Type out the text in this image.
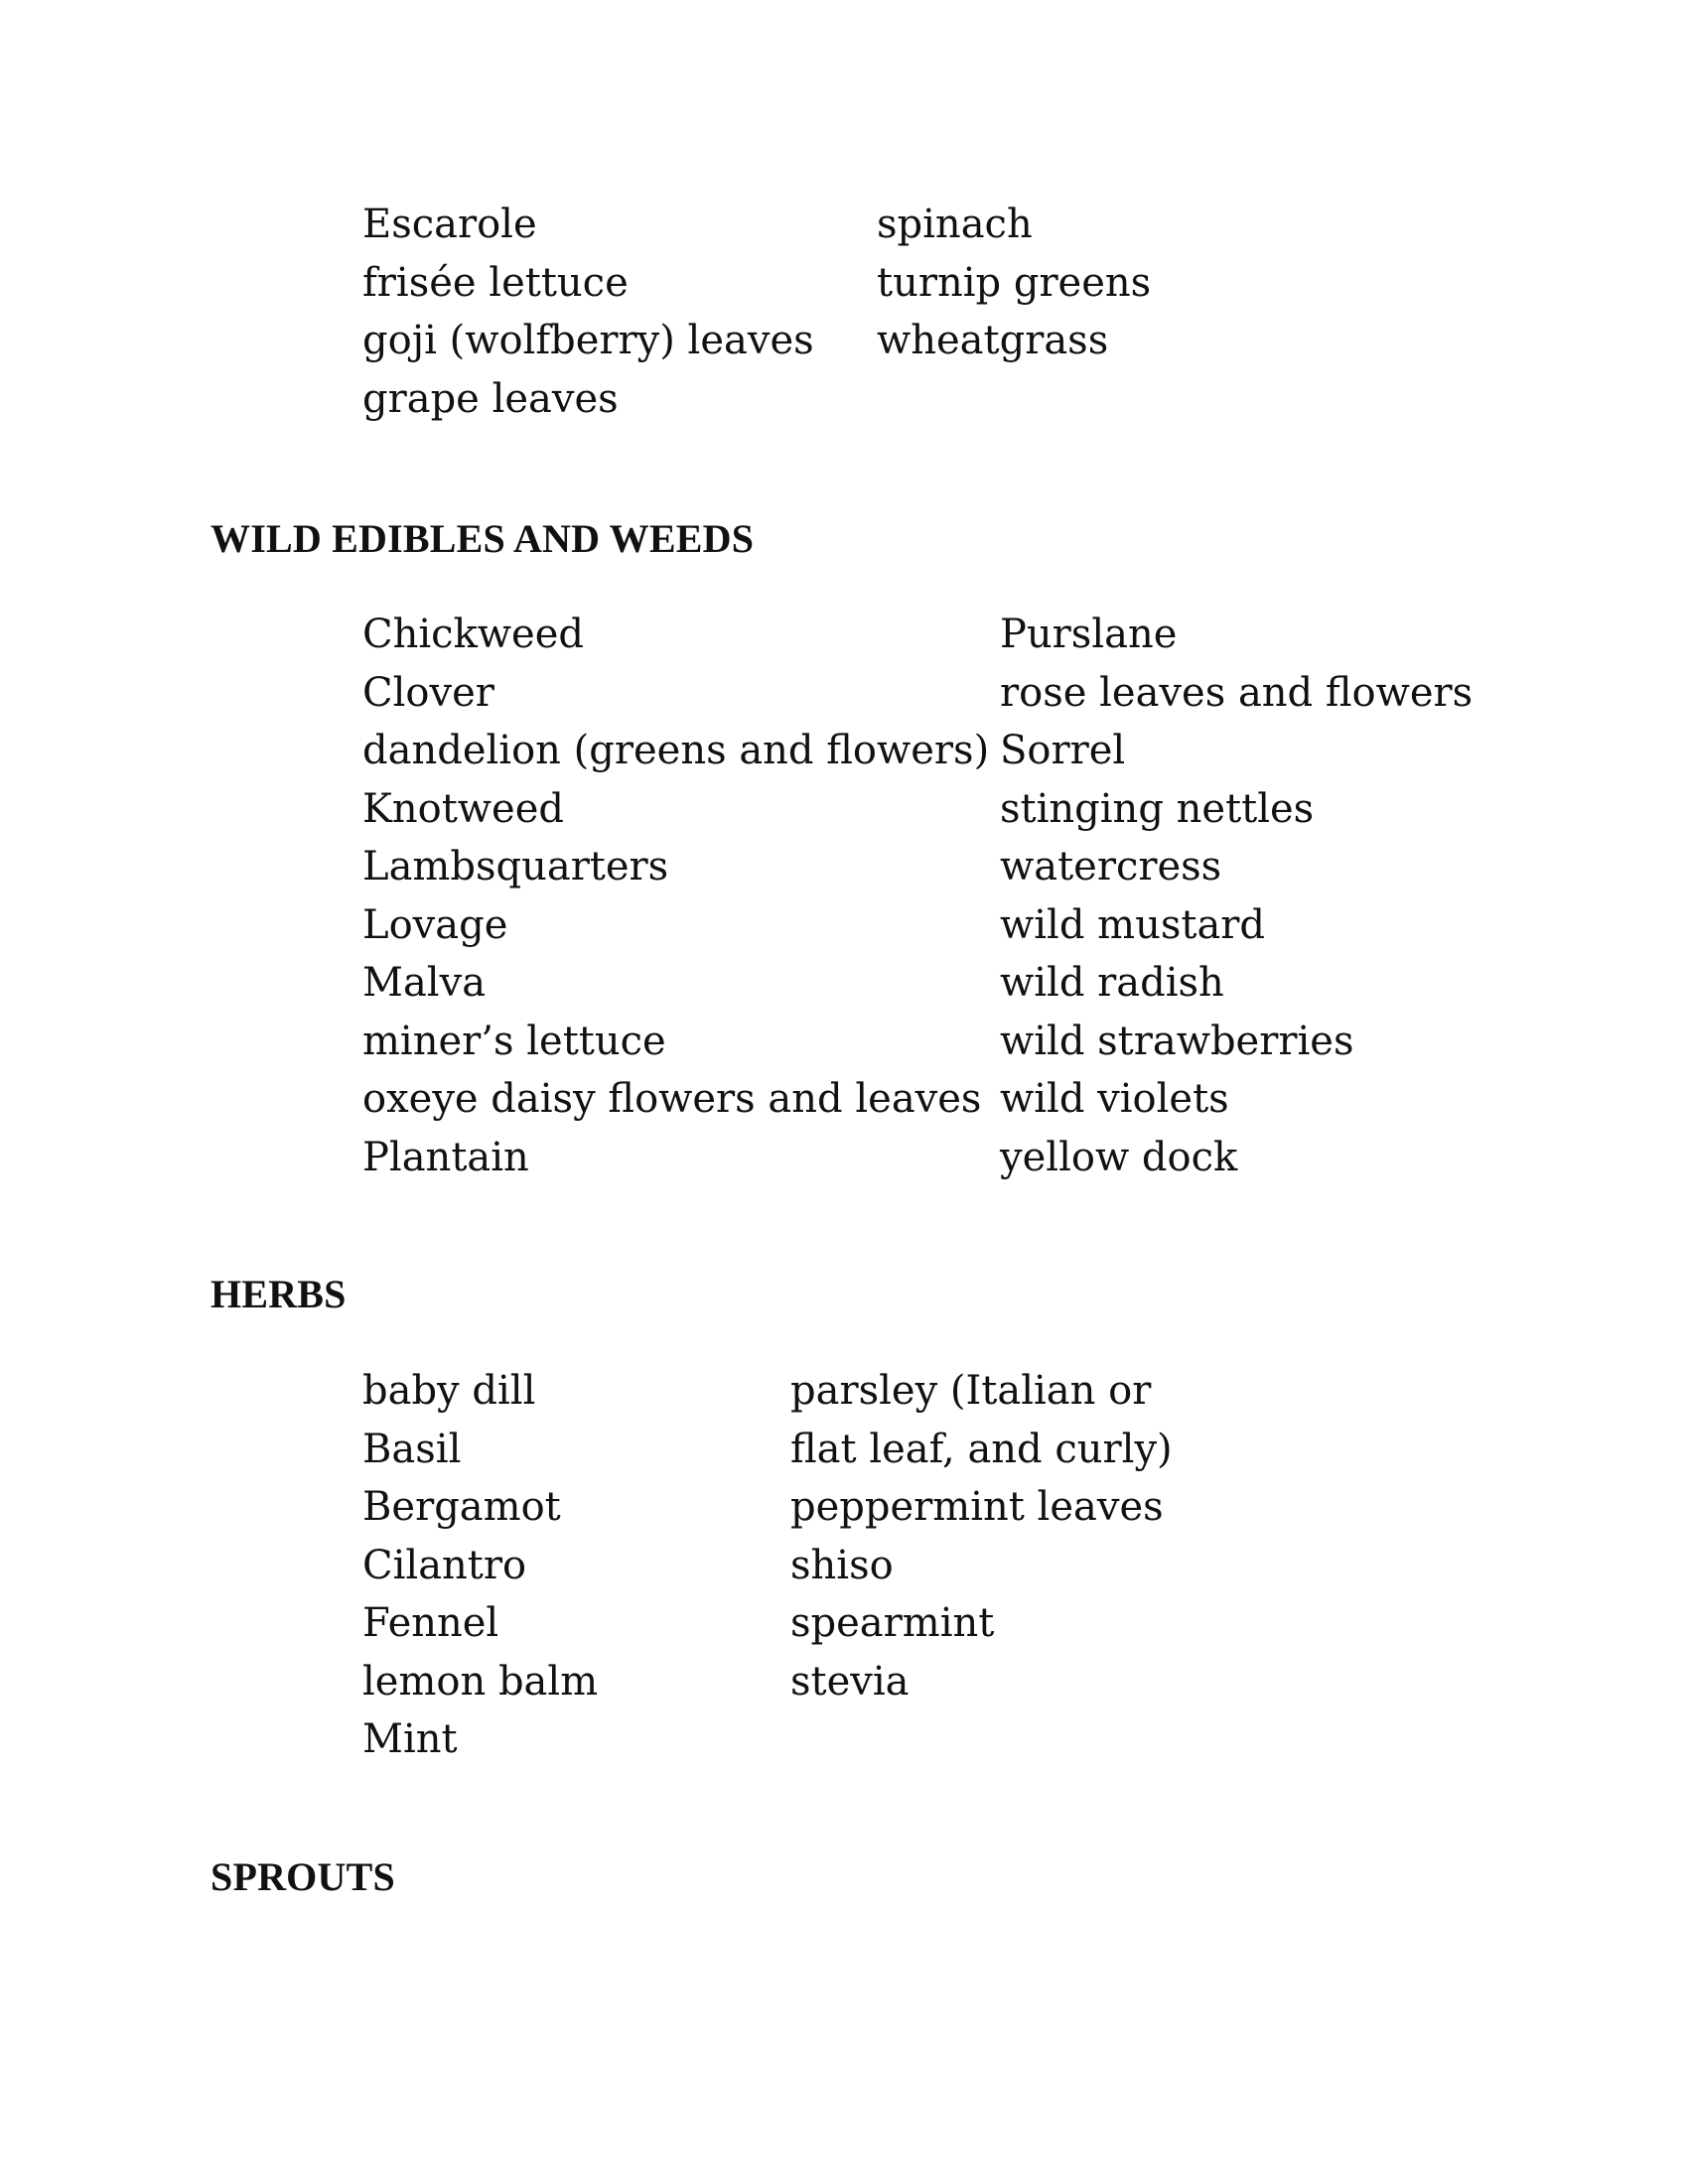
Escarole
frisée lettuce
goji (wolfberry) leaves
grape leaves
spinach
turnip greens
wheatgrass
WILD EDIBLES AND WEEDS
Chickweed
Clover
dandelion (greens and flowers)
Knotweed
Lambsquarters
Lovage
Malva
miner’s lettuce
oxeye daisy flowers and leaves
Plantain
Purslane
rose leaves and flowers
Sorrel
stinging nettles
watercress
wild mustard
wild radish
wild strawberries
wild violets
yellow dock
HERBS
baby dill
Basil
Bergamot
Cilantro
Fennel
lemon balm
Mint
parsley (Italian or
flat leaf, and curly)
peppermint leaves
shiso
spearmint
stevia
SPROUTS
